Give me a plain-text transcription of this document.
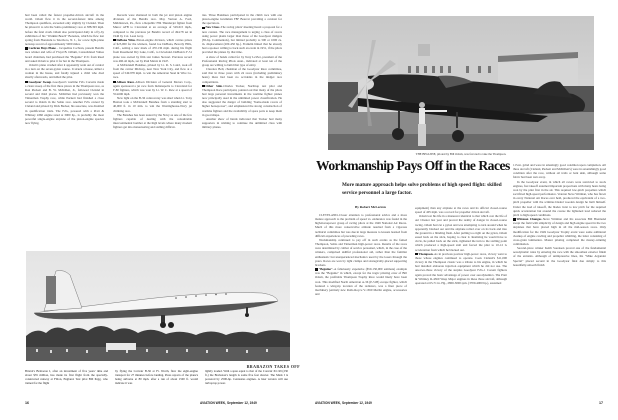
had been called the fastest propeller-driven aircraft in the world. Odom flew it in the second-fastest time among Thompson qualifiers, exceeded only slightly by Cleland. Then he piloted it to win the Sohio preliminary race at 388.393 mph. before the fatal crash. Odom also participated daily in a fly-by exhibition of his "Waikiki Beech" Bonanza, which he flew last spring from Honolulu to Teterboro, N. J., for a new light-plane nonstop record of approximately 5000 miles.

Cochran Buys Plane – Jacqueline Cochran, present Bendix race winner and wife of Floyd B. Odlum, Consolidated Vultee board chairman, had purchased the "Beguine" P-51 from Reed and asked Odom to pilot it for her in the Thompson.

Odom's plane crashed after it apparently went out of control in a turn on the seven-pylon course. It struck a house, killed a woman in the house, and fatally injured a child who died shortly afterwards, and killed the pilot.

Goodyear Sweep–Goodyear's wartime F2G Corsairs made a clean sweep of the first three places in the Thompson race, as Ron Puckett and B. W. McKillen, Jr., followed Cleland in second and third places. McKillen had previously won the Tinnerman Trophy race, while Puckett had finished a close second to Odom in the Sohio race. Another F2G owned by Cleland and piloted by Dick Becker, his associate, was disabled in qualification trials. The F2G, powered with a Pratt & Whitney 4360 engine rated at 3000 hp., is probably the most powerful single-engine airplane of the piston-engine species now flying.

Records were shattered in both the jet and piston engine divisions of the Bendix race. Maj. Vernon A. Ford, Middletown, Pa., flew a Republic F84 Thunderjet fighter from Muroc AFB to Cleveland at an average of 529.615 mph., compared to the previous jet Bendix record of 494.78 set in 1946 by Col. Leon Gray.

DeBona Wins–Piston-engine division, which carries prizes of $25,000 for the winners, found Joe DeBona, Beverly Hills, Calif., setting a new mark of 470.136 mph. during his flight from Rosamond Dry Lake, Calif., to Cleveland. DeBona's F-51 plane was owned by film star James Stewart. Previous record was 460.42 mph., set by Paul Mantz in 1947.

A McDonnell Banshee, piloted by Lt. R. S. Laird, took off from the carrier Midway, near New York City, and flew at a speed of 549.978 mph. to win the American Steel & Wire Co. race.

Allison Race–Allison Division of General Motors Corp., again sponsored a jet race from Indianapolis to Cleveland for F-80 fighters, which was won by Lt. W. C. Rew at a speed of 554.606 mph.

New light on the B-36 controversy was shed when Lt. Tony Buxton took a McDonnell Banshee from a standing start to 40,000 ft. in 10 min. to win the Westinghouse-Navy jet climbing race.

The Banshee has been touted by the Navy as one of the few fighters capable of dealing with the redoubtable intercontinental bomber at the high levels where many modern fighters get into maneuvering and stalling difficul-

ties. Three Banshees participated in the climb race with one piston-engine Grumman F8F Bearcat providing a contrast for the spectators.

New Class–The racing pilots' meeting heard a proposal for a new contest. The race management is urging a class of racers using power plants larger than those of the Goodyear midgets (85-hp. Continentals), but limited probably to 500 or 1000 cu. in. displacement (200-450 hp.). Franklin hinted that he already had a sponsor willing to back such an event in 1951, if the pilots provided the planes by that time.

A show of hands called for by Tony LeVier, president of the Professional Racing Pilots Assn., indicated at least ten of the group are willing to build that type of entry.

Clarence Bell, chairman of the Goodyear Race committee, said that in three years with 24 races (including preliminary heats) there had been no accidents in the midget race competitions.

Other Side–Charles Tucker, Northrop test pilot and Thompson Race participant, pointed out that many of the pilots had large personal investments in the wartime fighter planes now principally used in the unlimited power classification. He also suggested the danger of building "home-made racers of higher horsepower", and emphasized the strong construction of wartime fighters and the availability of spare parts to keep them in good shape.

Another show of hands indicated that Tucker had many supporters in wishing to continue the unlimited class with military planes.

BRABAZON TAKES OFF
Bristol's Brabazon I, after an investment of five years' time and about $35 million, has made its first flight from the specially-constructed runway at Filton, England. Test pilot Bill Pegg, who trained for the flight
by flying the Convair B-36 at Ft. Worth, flew the eight-engine transport for 27 minutes before landing. Press reports of the plane's being airborne at 80 mph. after a run of about 1500 ft. would indicate it was
lightly loaded. With a span equal to that of the Convair XC-99 (230 ft.) the Brabazon's length is some five feet shorter. The Mark I is powered by 2500-hp. Centaurus engines. A later version will use turboprop power.
16	AVIATION WEEK, September 12, 1949
THE BEGUINE, piloted by Bill Odom, was favored to take the Thompson.
Workmanship Pays Off in the Races
More mature approach helps solve problems of high speed flight: skilled service personnel a large factor.
By Robert McLarren

CLEVELAND–Closer attention to professional advice and a more mature approach to the problem of speed vs. endurance was found in the high-horsepower group of racing pilots at the 1949 National Air Races. Much of this more conservative attitude resulted from a vigorous technical committee but was due in large measure to lessons learned from difficult experiences of preceding races.

Workmanship continued to pay off in such events as the famed Thompson, Sohio and Tinnerman high-power races. Results of the races were determined by caliber of service personnel, which, in the case of the winners, comprised skillful professional aid, rather than the familiar enthusiastic but unexperienced mechanics used by the losers through the years. Races are won by tight clamps and strategically-placed supporting brackets.

"Beguine"–A fabulously expensive ($50-150,000 estimate) example was the "Beguine" in which, except for the tragic piloting error of Bill Odom, the profitable Thompson Trophy Race would likely have been won. This modified North American A-36 (P-51B) escape fighter, which featured a wing-tip location of the radiators, was a finer piece of machinery (entirely new Rolls-Royce V-1650 Merlin engine, accessories and

equipment) than any airplane at the races and its official closed-course speed of 405 mph. was a record for propeller driven aircraft.

Odom lost his life in a maneuver identical to that which cost the life of Art Chester last year and proved the reality of danger in closed-course racing. Odom had cut a pylon and was attempting to turn around when he apparently blacked out and the airplane rolled over on its back and into the ground in a blinding flash. After pulling too tight on the pylon, Odom eased back on the stick, hoping to clear it. Realizing he would have to circle, he pulled back on the stick, tightened the turn to the stalling point which produced a high-speed stall and forced the pilot to 10-12 G acceleration from which he blacked out.

Thompson–As in previous postwar high-power races, victory went to those whose engines continued to operate. Cook Cleland's $11,000 victory in the Thompson classic was a tribute to his engine, in which he had installed elaborate injection equipment which he did not use. The one-two-three victory of the surplus Goodyear F2G-1 Corsair fighters again proved the basic advantage of power over aerodynamics. The Pratt & Whitney R-4360 Wasp Major engines in these three aircraft, although operated at 65-71 in. Hg., 2800-3000 rpm. (3700-4000 hp.), sustained

115-in. grind and were in amazingly good condition upon completion. All three aircraft (Cleland, Puckett and McKillen's) were in astonishingly good condition after the race, without oil trails or bent skin, although some fabric had been torn away.

In the Goodyear event, in which all racers were restricted to stock engines, fast takeoff assumed important proportions with many heats being won by the pilot first in the air. This required low-pitch propellers which sacrificed high-speed performance. Veteran Steve Wittman, who has flown in every National Air Races ever held, produced the equivalent of a two-pitch propeller with the scimitar-bladed wooden design he built himself. Under the load of takeoff, the blades twist to low pitch for the required quick acceleration but around the course the lightened load reduced the pitch to high-speed conditions.

Wittman Changes–Steve Wittman and his associate Bill Brennand swept the field with simplicity of design and high engine speed in the two airplanes that have placed high in all the mid-season races. Only modification for the 1949 Goodyear Trophy event were some additional cleanup of engine cowling and propeller whittling, the latter consisting of cross-grain lamination. Master piloting completed the money-winning combination.

Second-place winner Keith Sorensen proved one of the fundamental aerodynamic rules by entering the race with the smoothest exterior finish of the entrants. Although of unimpressive lines, his "Mike Argander Special" placed second in the Goodyear final due simply to this beautifully-smooth finish

AVIATION WEEK, September 12, 1949	17
